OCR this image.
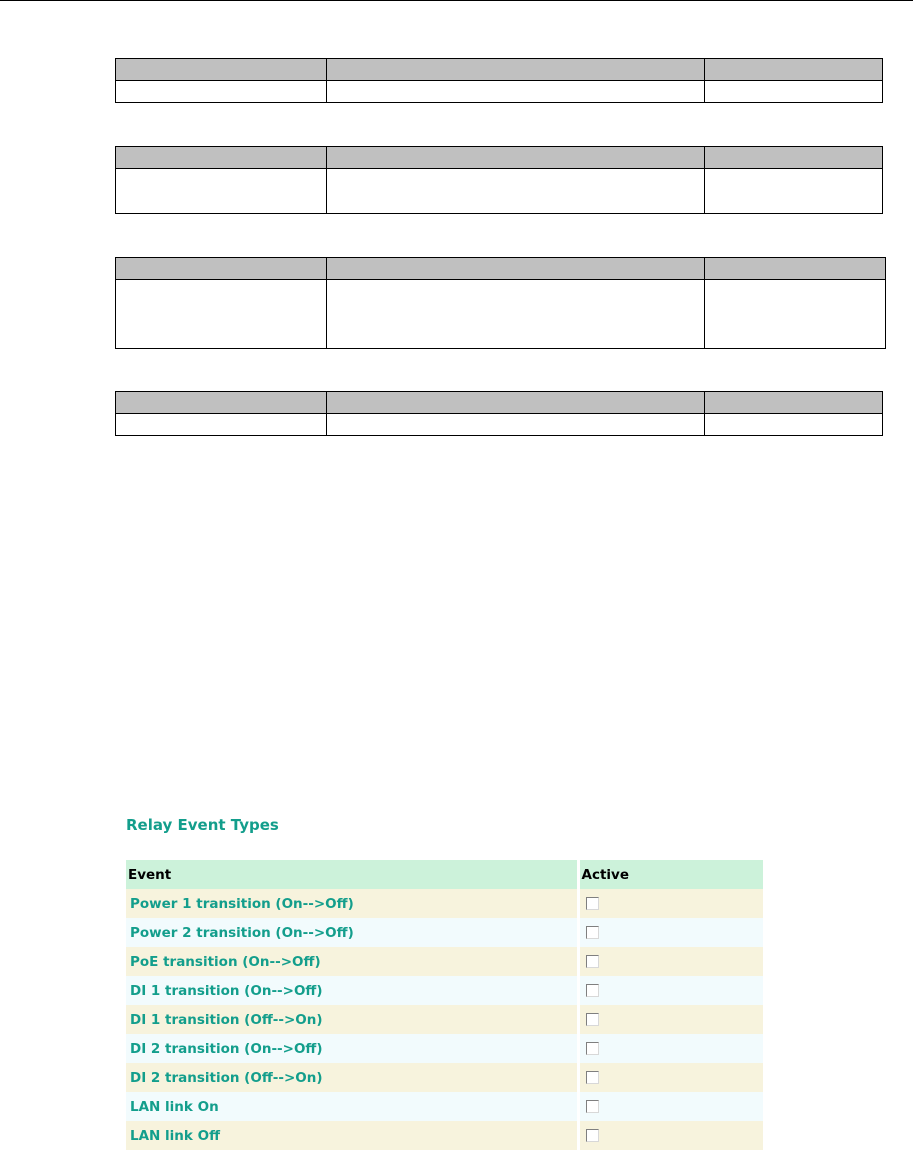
Relay Event Types
Event	Active
Power 1 transition (On-->Off)	
Power 2 transition (On-->Off)	
PoE transition (On-->Off)	
DI 1 transition (On-->Off)	
DI 1 transition (Off-->On)	
DI 2 transition (On-->Off)	
DI 2 transition (Off-->On)	
LAN link On	
LAN link Off	
